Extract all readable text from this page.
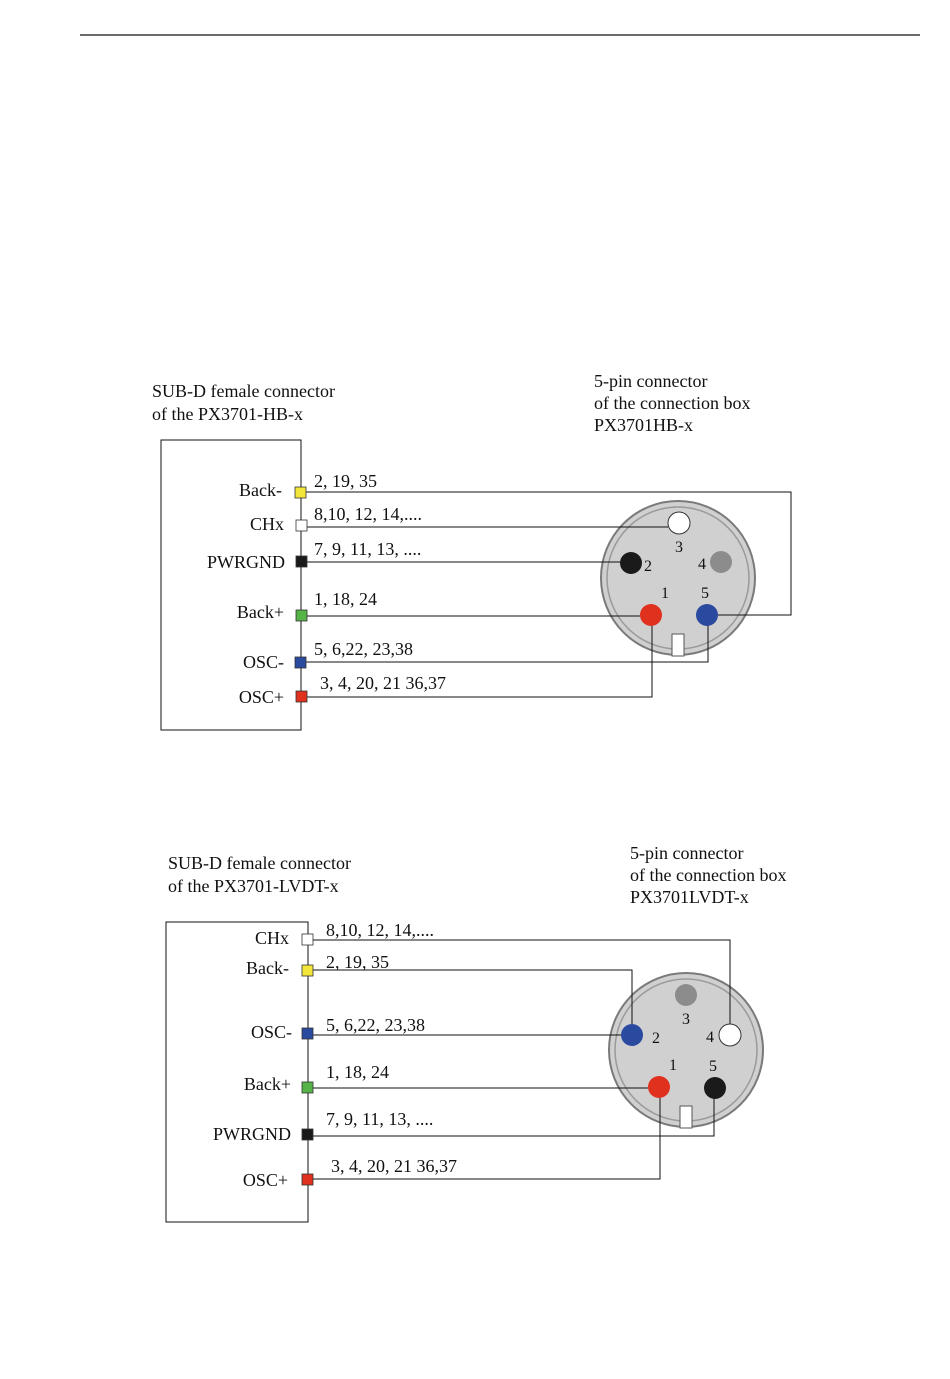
SUB-D female connector
of the PX3701-HB-x
5-pin connector
of the connection box
PX3701HB-x
3
2	4
1 5
Back- 2, 19, 35
CHx 8,10, 12, 14,....
PWRGND
7, 9, 11, 13, ....
Back+
1, 18, 24
OSC-
5, 6,22, 23,38
OSC+
3, 4, 20, 21 36,37
SUB-D female connector
of the PX3701-LVDT-x
5-pin connector
of the connection box
PX3701LVDT-x
3
2	4
1 5
CHx 8,10, 12, 14,....
Back- 2, 19, 35
OSC- 5, 6,22, 23,38
Back+
1, 18, 24
PWRGND
7, 9, 11, 13, ....
OSC+
3, 4, 20, 21 36,37
